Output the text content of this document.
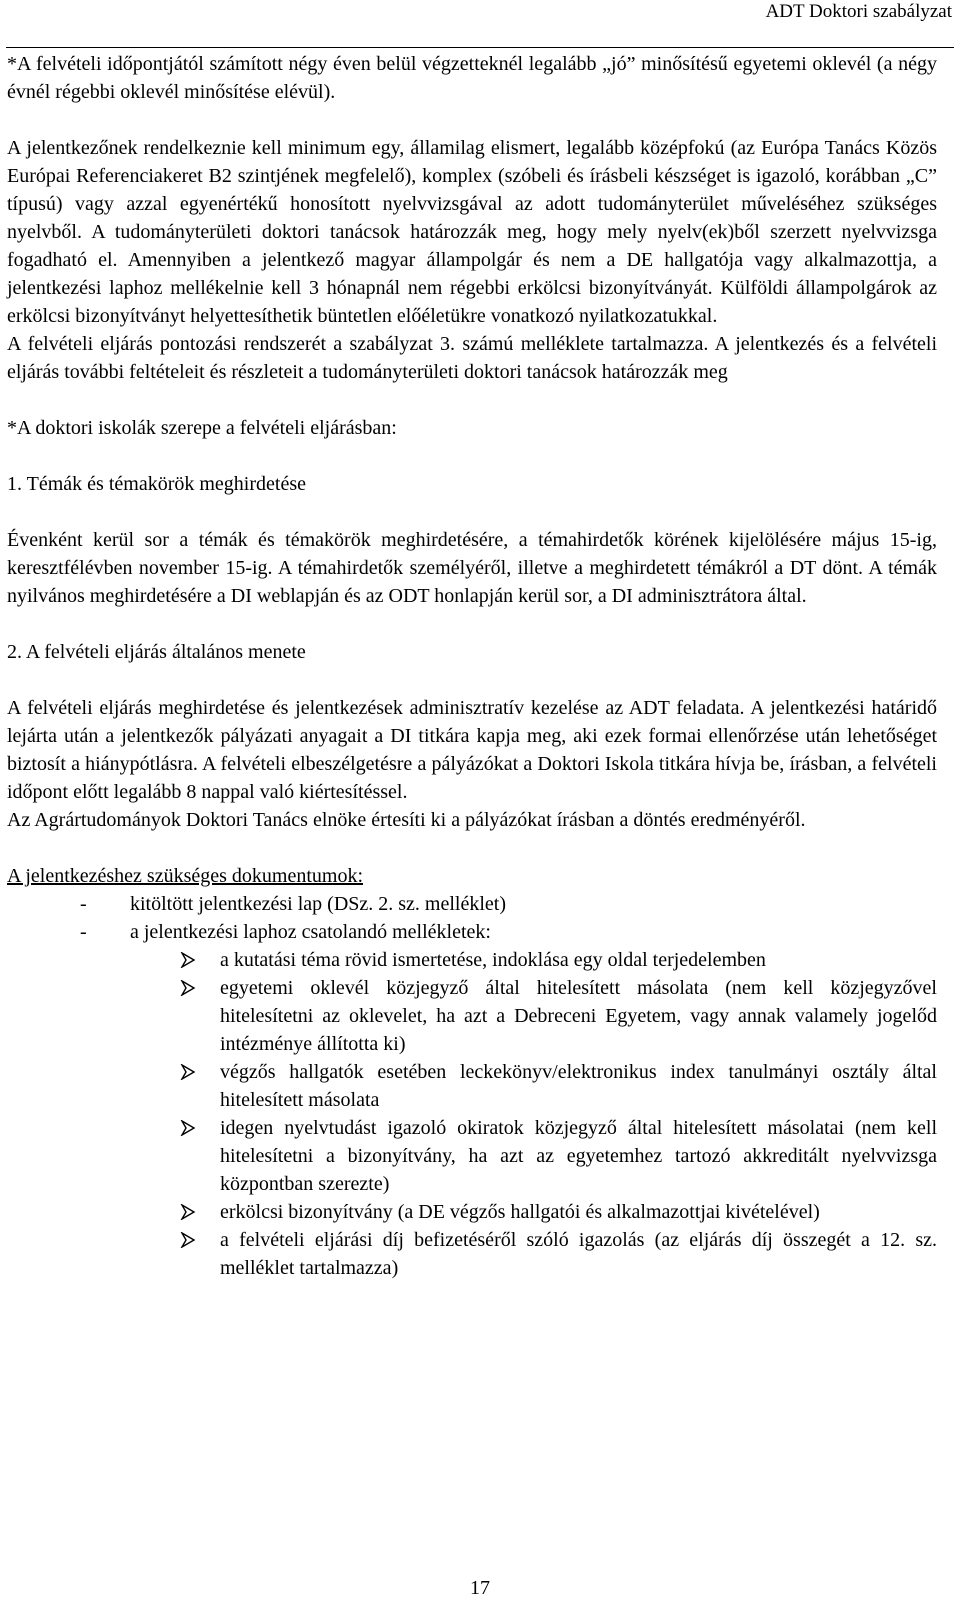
ADT Doktori szabályzat

*A felvételi időpontjától számított négy éven belül végzetteknél legalább „jó” minősítésű egyetemi oklevél (a négy évnél régebbi oklevél minősítése elévül).

A jelentkezőnek rendelkeznie kell minimum egy, államilag elismert, legalább középfokú (az Európa Tanács Közös Európai Referenciakeret B2 szintjének megfelelő), komplex (szóbeli és írásbeli készséget is igazoló, korábban „C” típusú) vagy azzal egyenértékű honosított nyelvvizsgával az adott tudományterület műveléséhez szükséges nyelvből. A tudományterületi doktori tanácsok határozzák meg, hogy mely nyelv(ek)ből szerzett nyelvvizsga fogadható el. Amennyiben a jelentkező magyar állampolgár és nem a DE hallgatója vagy alkalmazottja, a jelentkezési laphoz mellékelnie kell 3 hónapnál nem régebbi erkölcsi bizonyítványát. Külföldi állampolgárok az erkölcsi bizonyítványt helyettesíthetik büntetlen előéletükre vonatkozó nyilatkozatukkal.

A felvételi eljárás pontozási rendszerét a szabályzat 3. számú melléklete tartalmazza. A jelentkezés és a felvételi eljárás további feltételeit és részleteit a tudományterületi doktori tanácsok határozzák meg

*A doktori iskolák szerepe a felvételi eljárásban:

1. Témák és témakörök meghirdetése

Évenként kerül sor a témák és témakörök meghirdetésére, a témahirdetők körének kijelölésére május 15-ig, keresztfélévben november 15-ig. A témahirdetők személyéről, illetve a meghirdetett témákról a DT dönt. A témák nyilvános meghirdetésére a DI weblapján és az ODT honlapján kerül sor, a DI adminisztrátora által.

2. A felvételi eljárás általános menete

A felvételi eljárás meghirdetése és jelentkezések adminisztratív kezelése az ADT feladata. A jelentkezési határidő lejárta után a jelentkezők pályázati anyagait a DI titkára kapja meg, aki ezek formai ellenőrzése után lehetőséget biztosít a hiánypótlásra. A felvételi elbeszélgetésre a pályázókat a Doktori Iskola titkára hívja be, írásban, a felvételi időpont előtt legalább 8 nappal való kiértesítéssel.

Az Agrártudományok Doktori Tanács elnöke értesíti ki a pályázókat írásban a döntés eredményéről.

A jelentkezéshez szükséges dokumentumok:

- kitöltött jelentkezési lap (DSz. 2. sz. melléklet)
- a jelentkezési laphoz csatolandó mellékletek:
a kutatási téma rövid ismertetése, indoklása egy oldal terjedelemben
egyetemi oklevél közjegyző által hitelesített másolata (nem kell közjegyzővel hitelesítetni az oklevelet, ha azt a Debreceni Egyetem, vagy annak valamely jogelőd intézménye állította ki)
végzős hallgatók esetében leckekönyv/elektronikus index tanulmányi osztály által hitelesített másolata
idegen nyelvtudást igazoló okiratok közjegyző által hitelesített másolatai (nem kell hitelesítetni a bizonyítvány, ha azt az egyetemhez tartozó akkreditált nyelvvizsga központban szerezte)
erkölcsi bizonyítvány (a DE végzős hallgatói és alkalmazottjai kivételével)
a felvételi eljárási díj befizetéséről szóló igazolás (az eljárás díj összegét a 12. sz. melléklet tartalmazza)
17
